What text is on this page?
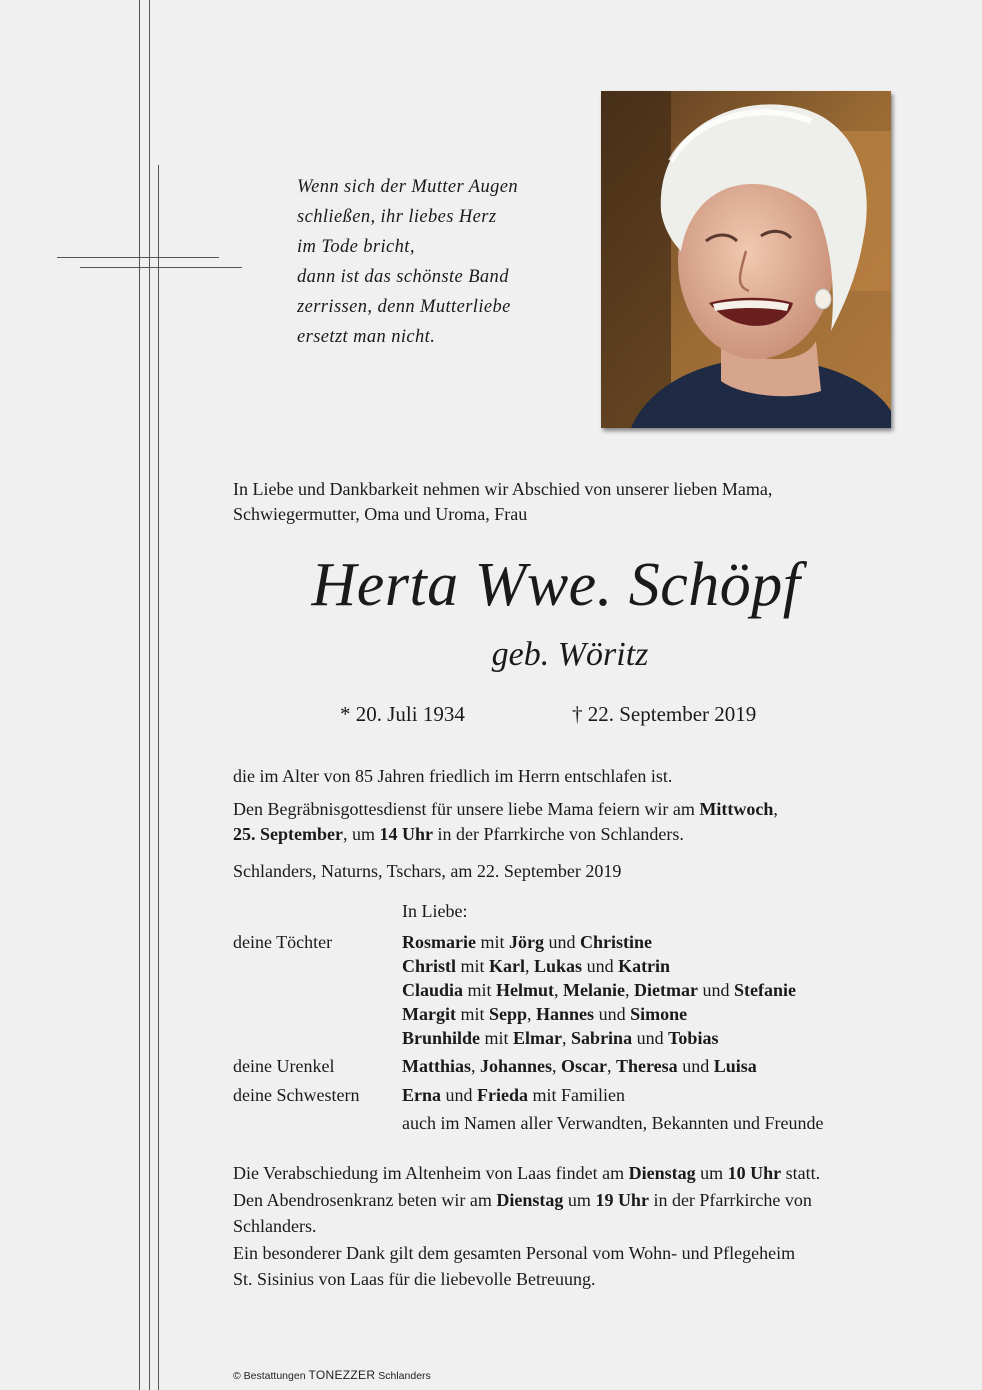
Wenn sich der Mutter Augen
schließen, ihr liebes Herz
im Tode bricht,
dann ist das schönste Band
zerrissen, denn Mutterliebe
ersetzt man nicht.
In Liebe und Dankbarkeit nehmen wir Abschied von unserer lieben Mama,
Schwiegermutter, Oma und Uroma, Frau
Herta Wwe. Schöpf
geb. Wöritz
* 20. Juli 1934	† 22. September 2019
die im Alter von 85 Jahren friedlich im Herrn entschlafen ist.
Den Begräbnisgottesdienst für unsere liebe Mama feiern wir am Mittwoch,
25. September, um 14 Uhr in der Pfarrkirche von Schlanders.
Schlanders, Naturns, Tschars, am 22. September 2019
In Liebe:
deine Töchter	Rosmarie mit Jörg und Christine
Christl mit Karl, Lukas und Katrin
Claudia mit Helmut, Melanie, Dietmar und Stefanie
Margit mit Sepp, Hannes und Simone
Brunhilde mit Elmar, Sabrina und Tobias
deine Urenkel	Matthias, Johannes, Oscar, Theresa und Luisa
deine Schwestern Erna und Frieda mit Familien
auch im Namen aller Verwandten, Bekannten und Freunde
Die Verabschiedung im Altenheim von Laas findet am Dienstag um 10 Uhr statt.
Den Abendrosenkranz beten wir am Dienstag um 19 Uhr in der Pfarrkirche von
Schlanders.
Ein besonderer Dank gilt dem gesamten Personal vom Wohn- und Pflegeheim
St. Sisinius von Laas für die liebevolle Betreuung.
© Bestattungen TONEZZER Schlanders
